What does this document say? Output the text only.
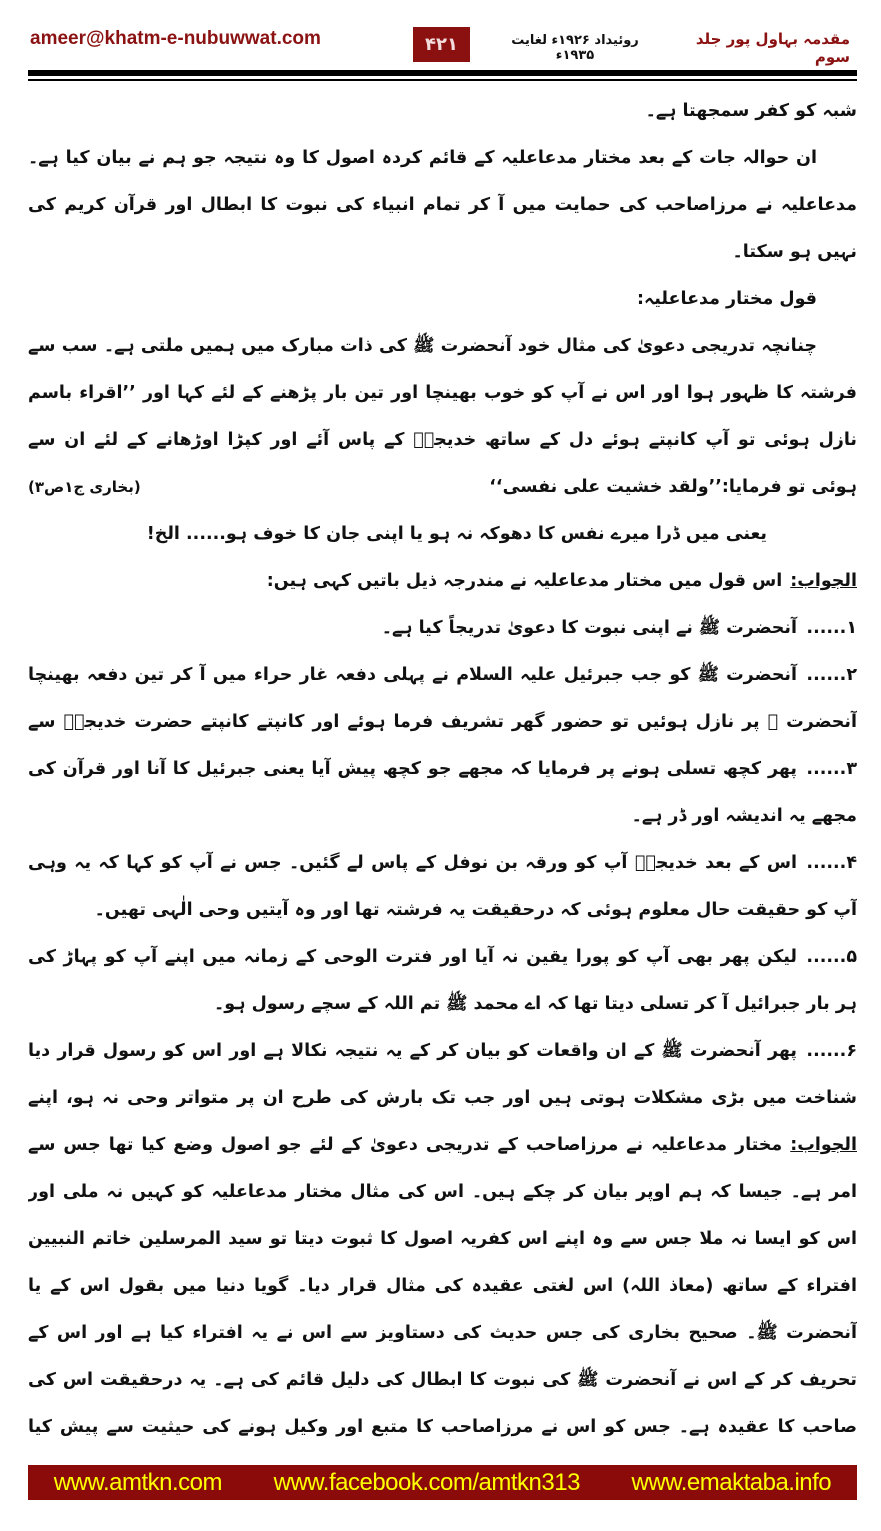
ameer@khatm-e-nubuwwat.com	۴۲۱	روئیداد ۱۹۲۶ء لغایت ۱۹۳۵ء
مقدمہ بہاول پور جلد سوم
شبہ کو کفر سمجھتا ہے۔
ان حوالہ جات کے بعد مختار مدعاعلیہ کے قائم کردہ اصول کا وہ نتیجہ جو ہم نے بیان کیا ہے۔
مدعاعلیہ نے مرزاصاحب کی حمایت میں آ کر تمام انبیاء کی نبوت کا ابطال اور قرآن کریم کی
نہیں ہو سکتا۔
قول مختار مدعاعلیہ:
چنانچہ تدریجی دعویٰ کی مثال خود آنحضرت ﷺ کی ذات مبارک میں ہمیں ملتی ہے۔ سب سے
فرشتہ کا ظہور ہوا اور اس نے آپ کو خوب بھینچا اور تین بار پڑھنے کے لئے کہا اور ’’اقراء باسم
نازل ہوئی تو آپ کانپتے ہوئے دل کے ساتھ خدیجہؓ کے پاس آئے اور کپڑا اوڑھانے کے لئے ان سے
ہوئی تو فرمایا:’’ولقد خشیت علی نفسی‘‘
(بخاری ج۱ص۳)
یعنی میں ڈرا میرے نفس کا دھوکہ نہ ہو یا اپنی جان کا خوف ہو...... الخ!
الجواب:اس قول میں مختار مدعاعلیہ نے مندرجہ ذیل باتیں کہی ہیں:
۱......آنحضرت ﷺ نے اپنی نبوت کا دعویٰ تدریجاً کیا ہے۔
۲......آنحضرت ﷺ کو جب جبرئیل علیہ السلام نے پہلی دفعہ غار حراء میں آ کر تین دفعہ بھینچا
آنحضرت ﷺ پر نازل ہوئیں تو حضور گھر تشریف فرما ہوئے اور کانپتے کانپتے حضرت خدیجہؓ سے
۳......پھر کچھ تسلی ہونے پر فرمایا کہ مجھے جو کچھ پیش آیا یعنی جبرئیل کا آنا اور قرآن کی
مجھے یہ اندیشہ اور ڈر ہے۔
۴......اس کے بعد خدیجہؓ آپ کو ورقہ بن نوفل کے پاس لے گئیں۔ جس نے آپ کو کہا کہ یہ وہی
آپ کو حقیقت حال معلوم ہوئی کہ درحقیقت یہ فرشتہ تھا اور وہ آیتیں وحی الٰہی تھیں۔
۵......لیکن پھر بھی آپ کو پورا یقین نہ آیا اور فترت الوحی کے زمانہ میں اپنے آپ کو پہاڑ کی
ہر بار جبرائیل آ کر تسلی دیتا تھا کہ اے محمد ﷺ تم اللہ کے سچے رسول ہو۔
۶......پھر آنحضرت ﷺ کے ان واقعات کو بیان کر کے یہ نتیجہ نکالا ہے اور اس کو رسول قرار دیا
شناخت میں بڑی مشکلات ہوتی ہیں اور جب تک بارش کی طرح ان پر متواتر وحی نہ ہو، اپنے
الجواب:مختار مدعاعلیہ نے مرزاصاحب کے تدریجی دعویٰ کے لئے جو اصول وضع کیا تھا جس سے
امر ہے۔ جیسا کہ ہم اوپر بیان کر چکے ہیں۔ اس کی مثال مختار مدعاعلیہ کو کہیں نہ ملی اور
اس کو ایسا نہ ملا جس سے وہ اپنے اس کفریہ اصول کا ثبوت دیتا تو سید المرسلین خاتم النبیین
افتراء کے ساتھ (معاذ اللہ) اس لغتی عقیدہ کی مثال قرار دیا۔ گویا دنیا میں بقول اس کے یا
آنحضرت ﷺ۔ صحیح بخاری کی جس حدیث کی دستاویز سے اس نے یہ افتراء کیا ہے اور اس کے
تحریف کر کے اس نے آنحضرت ﷺ کی نبوت کا ابطال کی دلیل قائم کی ہے۔ یہ درحقیقت اس کی
صاحب کا عقیدہ ہے۔ جس کو اس نے مرزاصاحب کا متبع اور وکیل ہونے کی حیثیت سے پیش کیا
www.amtkn.com www.facebook.com/amtkn313 www.emaktaba.info
